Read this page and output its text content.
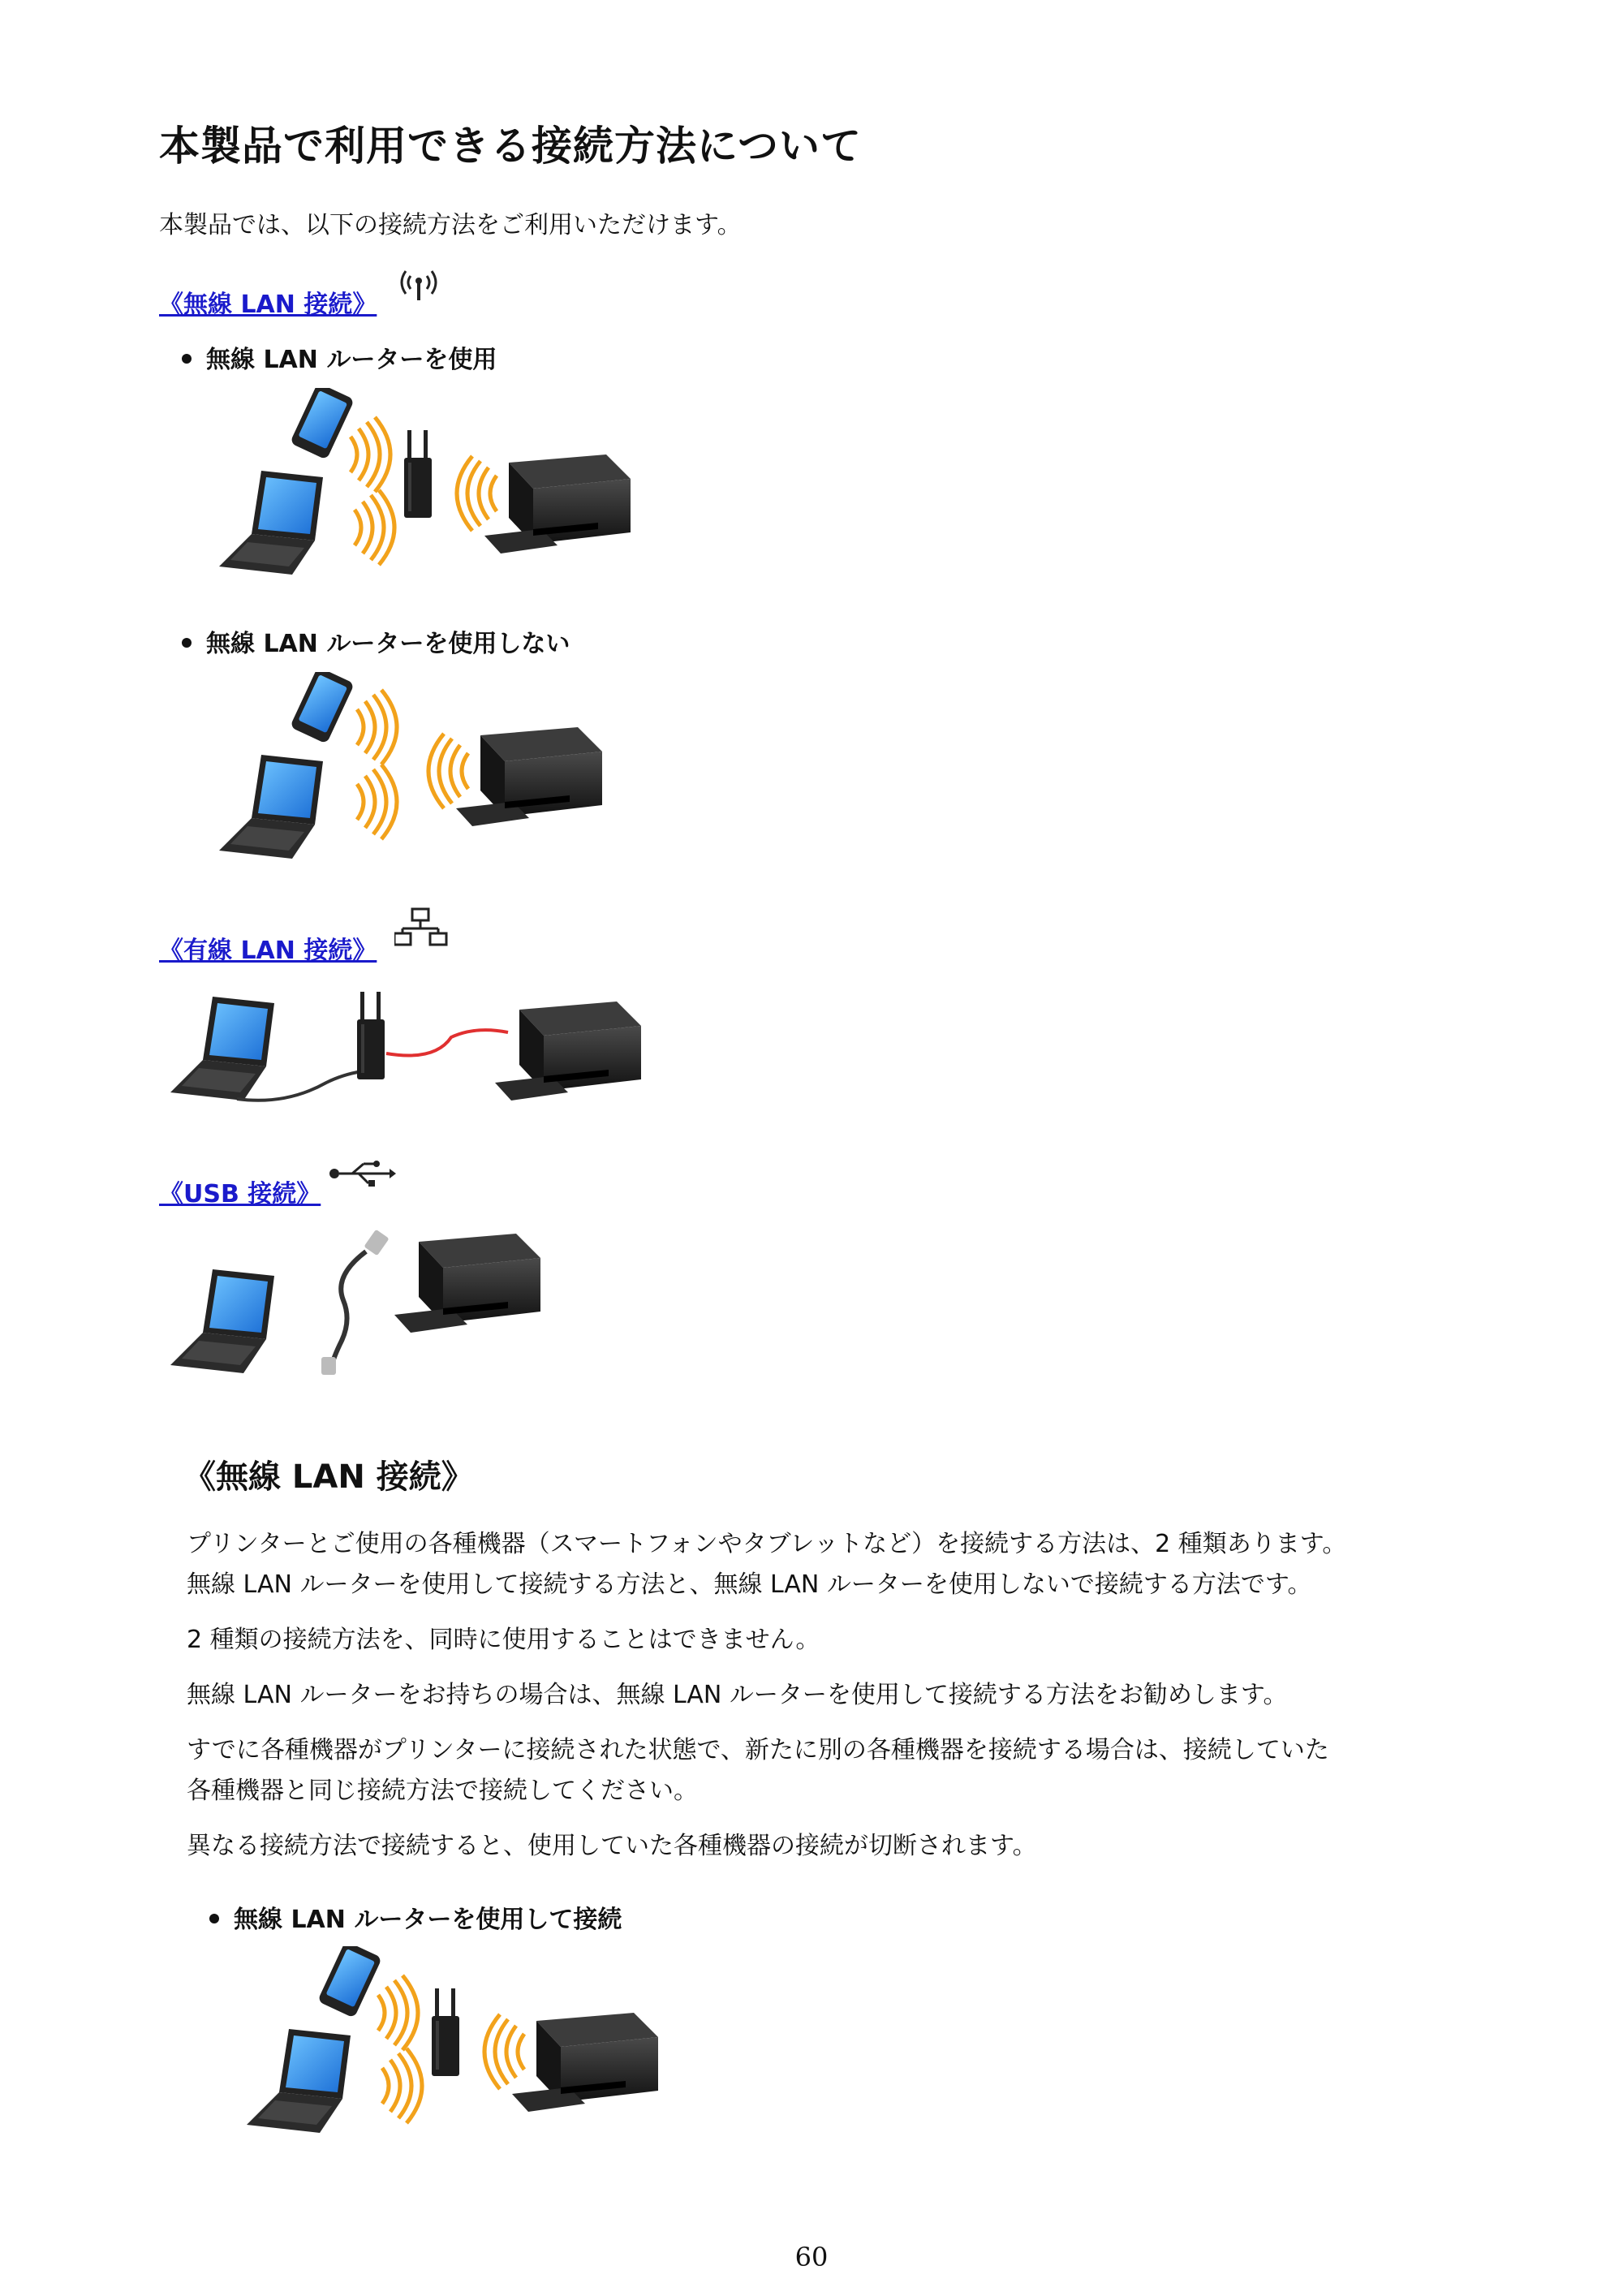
本製品で利用できる接続方法について
本製品では、以下の接続方法をご利用いただけます。
《無線 LAN 接続》
無線 LAN ルーターを使用
無線 LAN ルーターを使用しない
《有線 LAN 接続》
《USB 接続》
《無線 LAN 接続》
プリンターとご使用の各種機器（スマートフォンやタブレットなど）を接続する方法は、2 種類あります。
無線 LAN ルーターを使用して接続する方法と、無線 LAN ルーターを使用しないで接続する方法です。
2 種類の接続方法を、同時に使用することはできません。
無線 LAN ルーターをお持ちの場合は、無線 LAN ルーターを使用して接続する方法をお勧めします。
すでに各種機器がプリンターに接続された状態で、新たに別の各種機器を接続する場合は、接続していた
各種機器と同じ接続方法で接続してください。
異なる接続方法で接続すると、使用していた各種機器の接続が切断されます。
無線 LAN ルーターを使用して接続
60
